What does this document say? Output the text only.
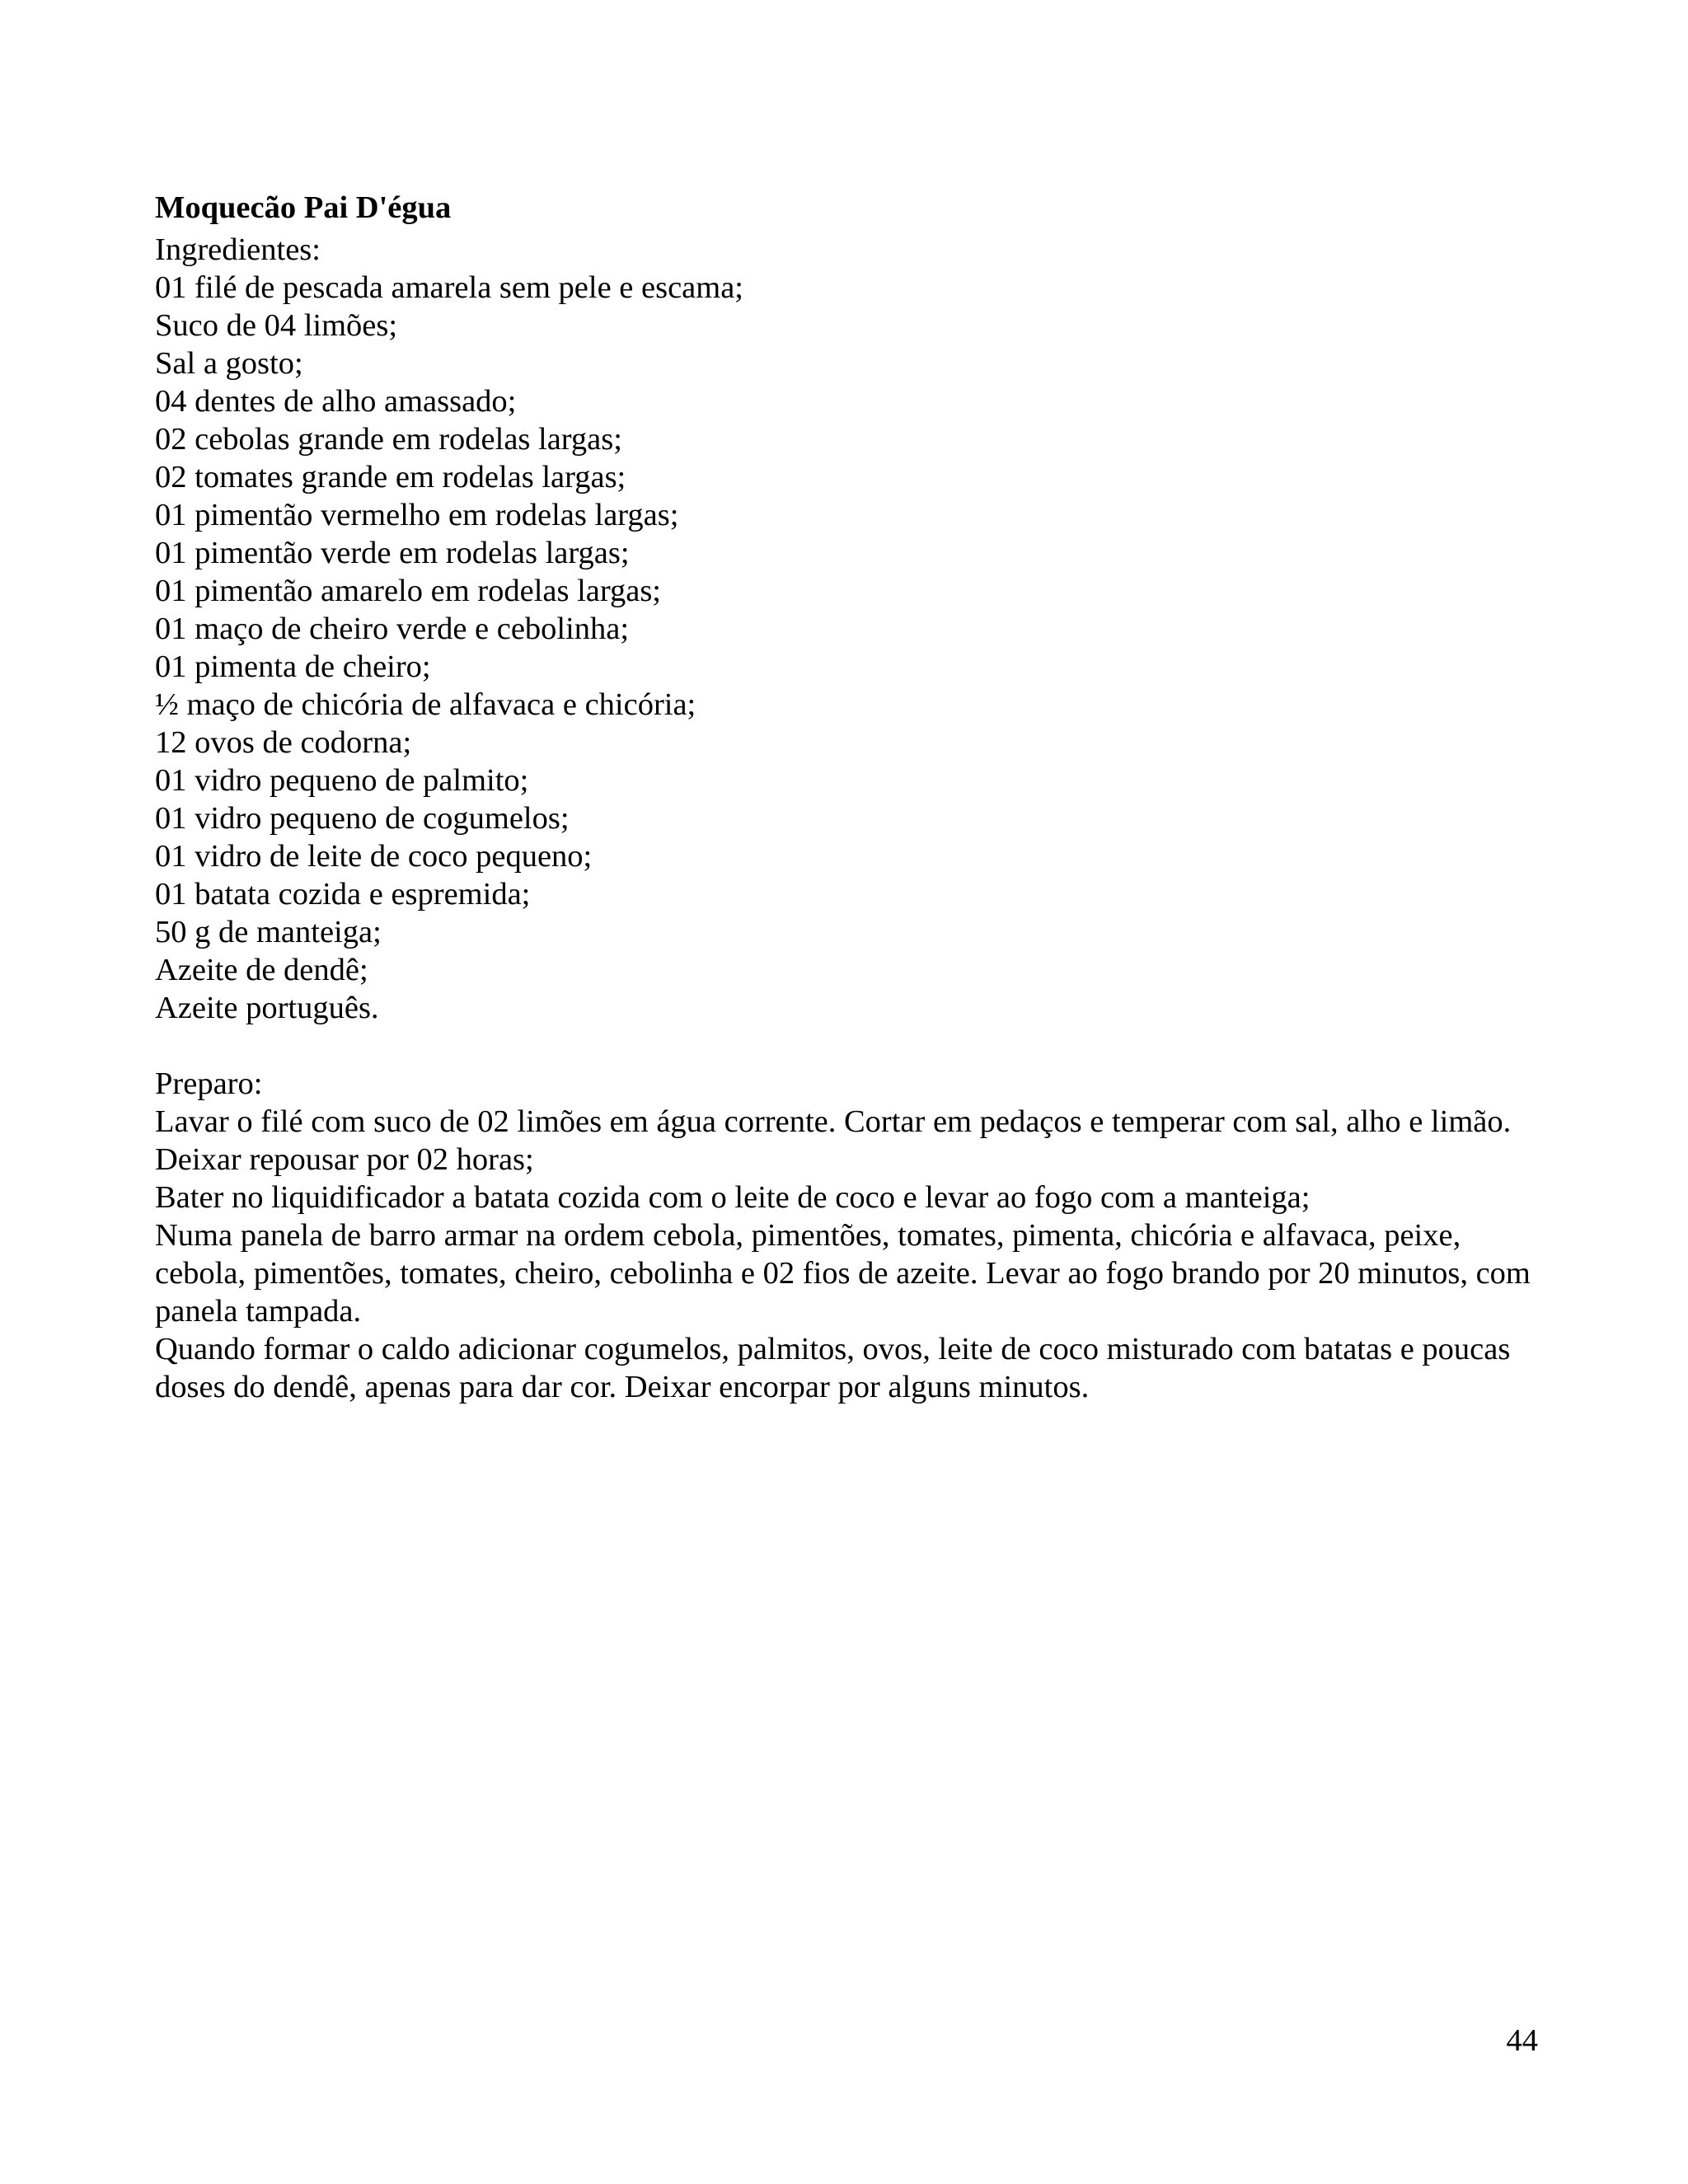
Moquecão Pai D'égua
Ingredientes:
01 filé de pescada amarela sem pele e escama;
Suco de 04 limões;
Sal a gosto;
04 dentes de alho amassado;
02 cebolas grande em rodelas largas;
02 tomates grande em rodelas largas;
01 pimentão vermelho em rodelas largas;
01 pimentão verde em rodelas largas;
01 pimentão amarelo em rodelas largas;
01 maço de cheiro verde e cebolinha;
01 pimenta de cheiro;
½ maço de chicória de alfavaca e chicória;
12 ovos de codorna;
01 vidro pequeno de palmito;
01 vidro pequeno de cogumelos;
01 vidro de leite de coco pequeno;
01 batata cozida e espremida;
50 g de manteiga;
Azeite de dendê;
Azeite português.
Preparo:
Lavar o filé com suco de 02 limões em água corrente. Cortar em pedaços e temperar com sal, alho e limão. Deixar repousar por 02 horas;
Bater no liquidificador a batata cozida com o leite de coco e levar ao fogo com a manteiga;
Numa panela de barro armar na ordem cebola, pimentões, tomates, pimenta, chicória e alfavaca, peixe, cebola, pimentões, tomates, cheiro, cebolinha e 02 fios de azeite. Levar ao fogo brando por 20 minutos, com panela tampada.
Quando formar o caldo adicionar cogumelos, palmitos, ovos, leite de coco misturado com batatas e poucas doses do dendê, apenas para dar cor. Deixar encorpar por alguns minutos.
44
